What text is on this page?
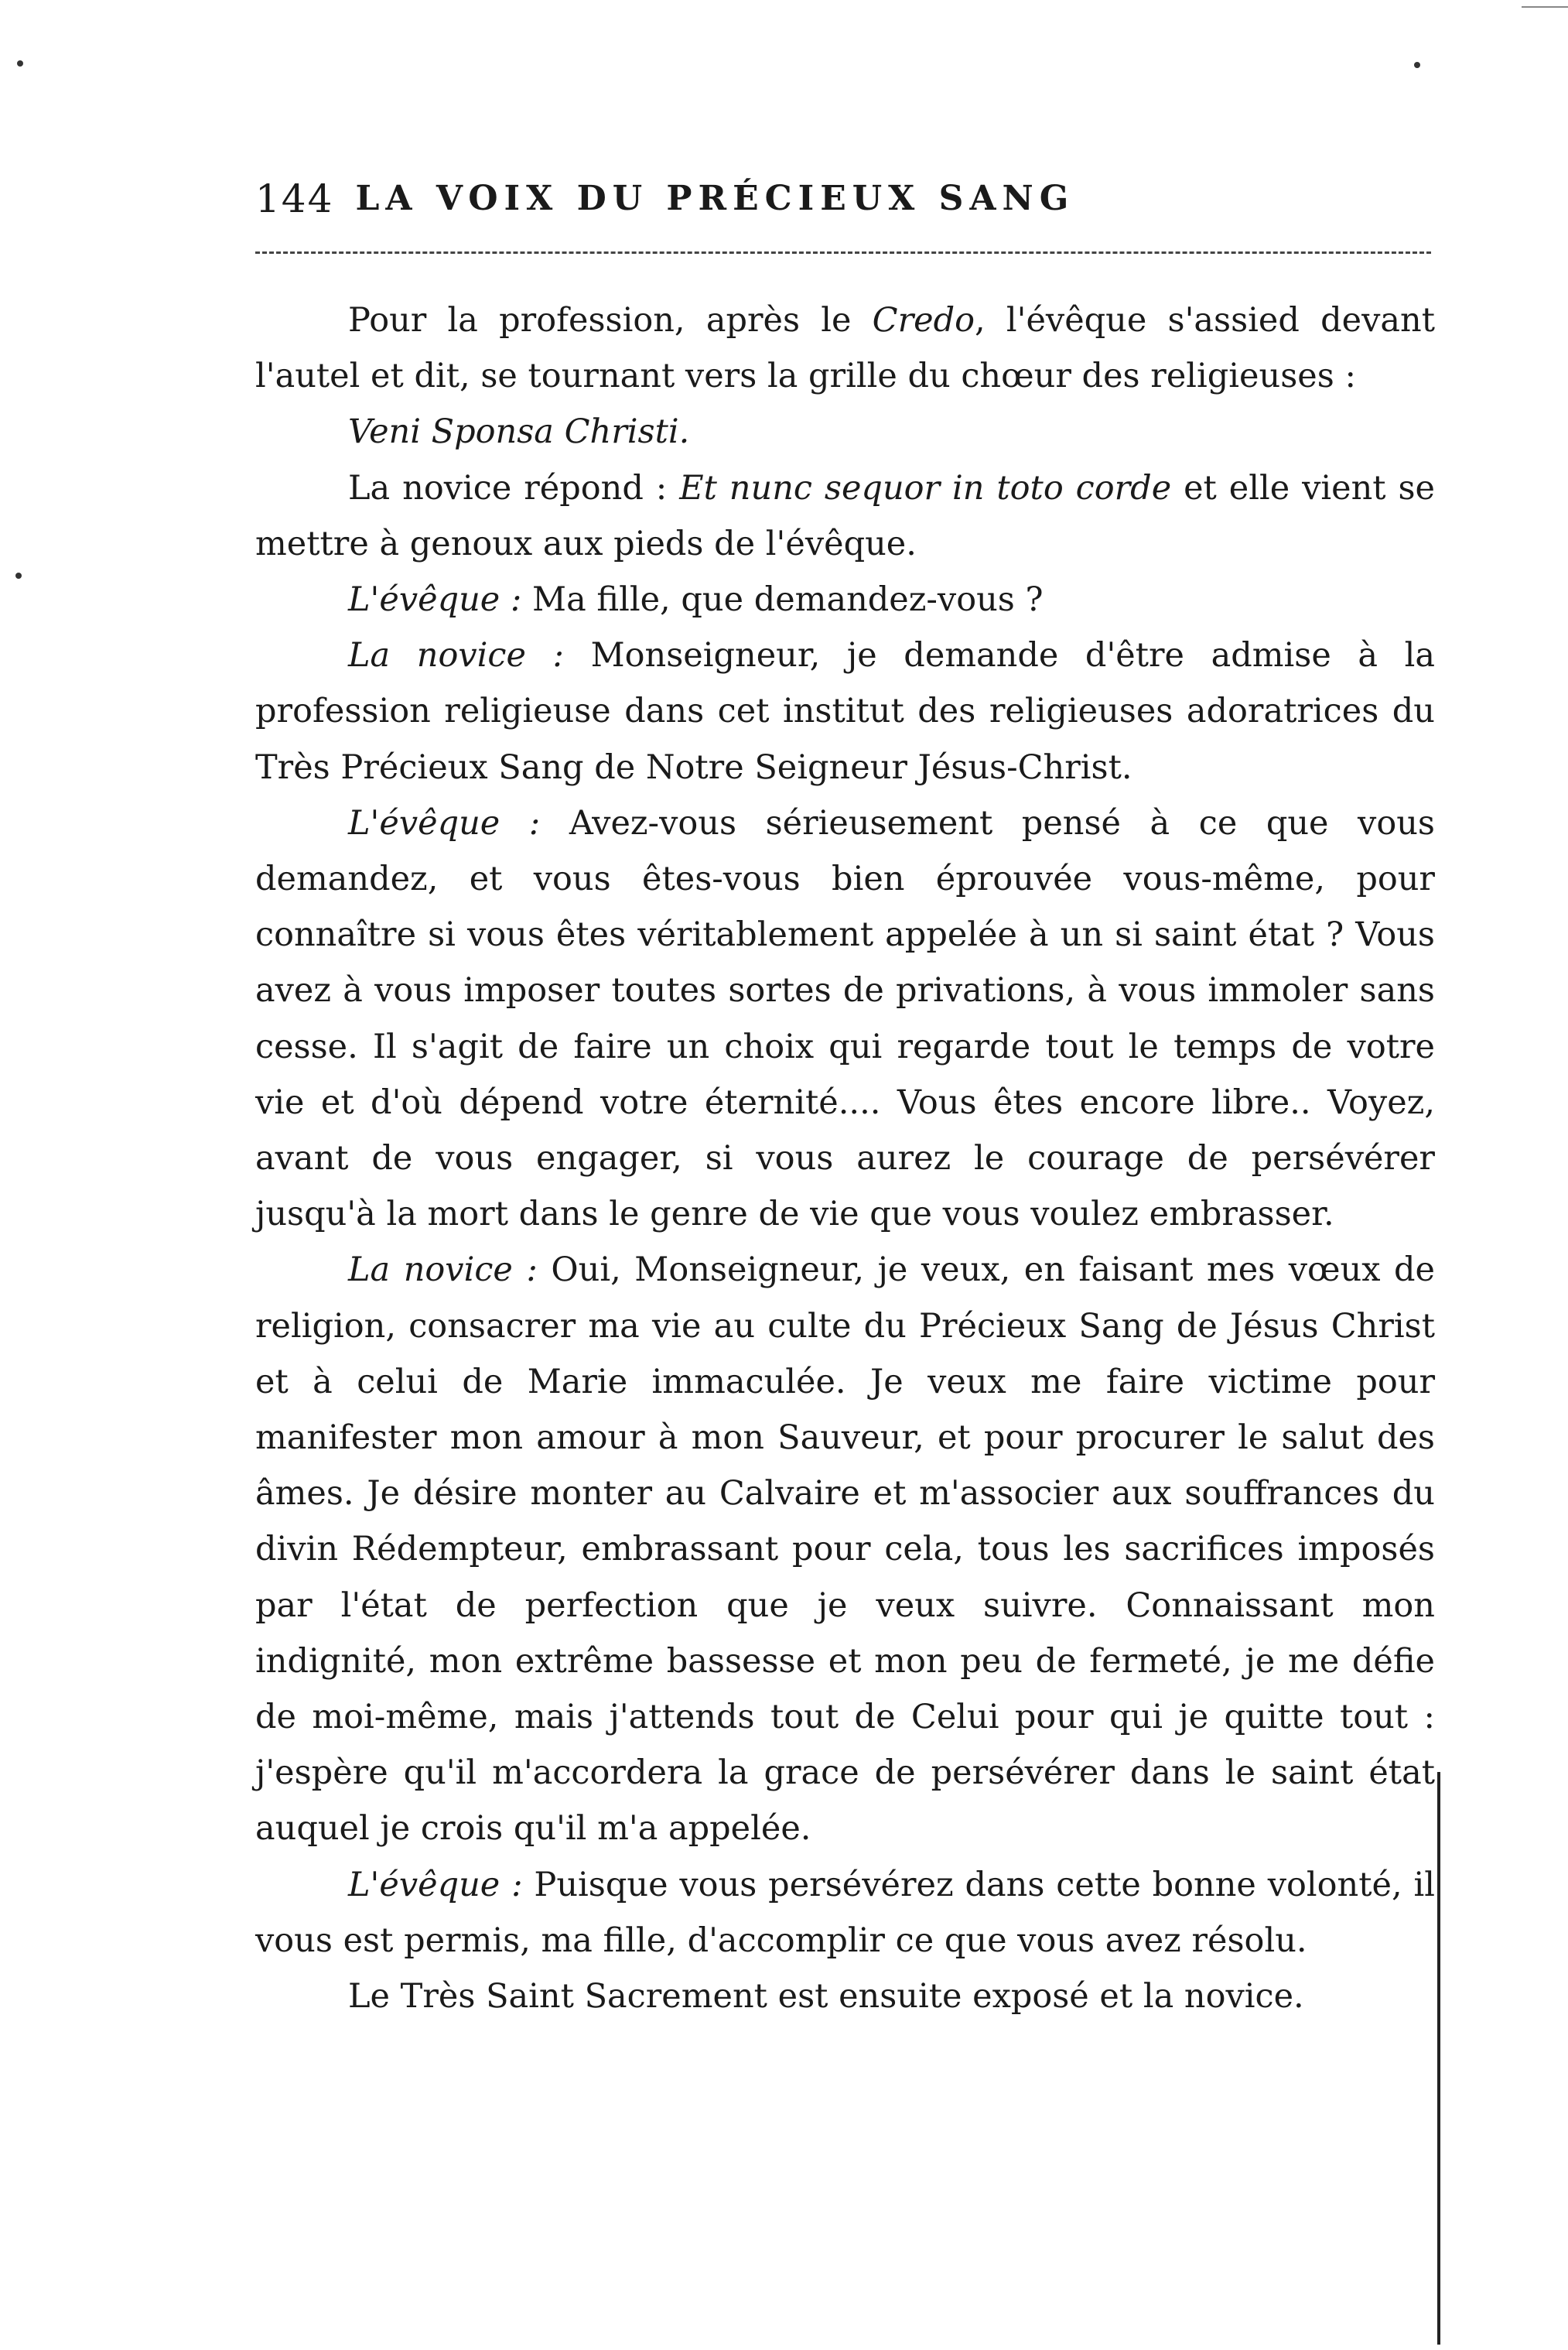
144 LA VOIX DU PRÉCIEUX SANG

Pour la profession, après le Credo, l'évêque s'assied devant l'autel et dit, se tournant vers la grille du chœur des religieuses :

Veni Sponsa Christi.

La novice répond : Et nunc sequor in toto corde et elle vient se mettre à genoux aux pieds de l'évêque.

L'évêque : Ma fille, que demandez-vous ?

La novice : Monseigneur, je demande d'être admise à la profession religieuse dans cet institut des religieuses adoratrices du Très Précieux Sang de Notre Seigneur Jésus-Christ.

L'évêque : Avez-vous sérieusement pensé à ce que vous demandez, et vous êtes-vous bien éprouvée vous-même, pour connaître si vous êtes véritablement appelée à un si saint état ? Vous avez à vous imposer toutes sortes de privations, à vous immoler sans cesse. Il s'agit de faire un choix qui regarde tout le temps de votre vie et d'où dépend votre éternité.... Vous êtes encore libre.. Voyez, avant de vous engager, si vous aurez le courage de persévérer jusqu'à la mort dans le genre de vie que vous voulez embrasser.

La novice : Oui, Monseigneur, je veux, en faisant mes vœux de religion, consacrer ma vie au culte du Précieux Sang de Jésus Christ et à celui de Marie immaculée. Je veux me faire victime pour manifester mon amour à mon Sauveur, et pour procurer le salut des âmes. Je désire monter au Calvaire et m'associer aux souffrances du divin Rédempteur, embrassant pour cela, tous les sacrifices imposés par l'état de perfection que je veux suivre. Connaissant mon indignité, mon extrême bassesse et mon peu de fermeté, je me défie de moi-même, mais j'attends tout de Celui pour qui je quitte tout : j'espère qu'il m'accordera la grace de persévérer dans le saint état auquel je crois qu'il m'a appelée.

L'évêque : Puisque vous persévérez dans cette bonne volonté, il vous est permis, ma fille, d'accomplir ce que vous avez résolu.

Le Très Saint Sacrement est ensuite exposé et la novice.
